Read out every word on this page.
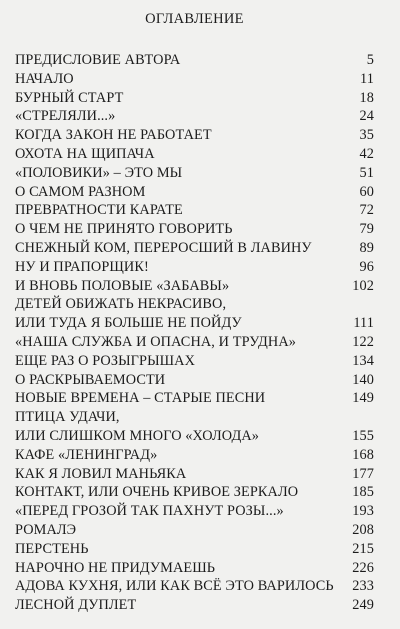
ОГЛАВЛЕНИЕ
ПРЕДИСЛОВИЕ АВТОРА	5
НАЧАЛО	11
БУРНЫЙ СТАРТ	18
«СТРЕЛЯЛИ...»	24
КОГДА ЗАКОН НЕ РАБОТАЕТ	35
ОХОТА НА ЩИПАЧА	42
«ПОЛОВИКИ» – ЭТО МЫ	51
О САМОМ РАЗНОМ	60
ПРЕВРАТНОСТИ КАРАТЕ	72
О ЧЕМ НЕ ПРИНЯТО ГОВОРИТЬ	79
СНЕЖНЫЙ КОМ, ПЕРЕРОСШИЙ В ЛАВИНУ	89
НУ И ПРАПОРЩИК!	96
И ВНОВЬ ПОЛОВЫЕ «ЗАБАВЫ»	102
ДЕТЕЙ ОБИЖАТЬ НЕКРАСИВО,
ИЛИ ТУДА Я БОЛЬШЕ НЕ ПОЙДУ	111
«НАША СЛУЖБА И ОПАСНА, И ТРУДНА»	122
ЕЩЕ РАЗ О РОЗЫГРЫШАХ	134
О РАСКРЫВАЕМОСТИ	140
НОВЫЕ ВРЕМЕНА – СТАРЫЕ ПЕСНИ	149
ПТИЦА УДАЧИ,
ИЛИ СЛИШКОМ МНОГО «ХОЛОДА»	155
КАФЕ «ЛЕНИНГРАД»	168
КАК Я ЛОВИЛ МАНЬЯКА	177
КОНТАКТ, ИЛИ ОЧЕНЬ КРИВОЕ ЗЕРКАЛО	185
«ПЕРЕД ГРОЗОЙ ТАК ПАХНУТ РОЗЫ...»	193
РОМАЛЭ	208
ПЕРСТЕНЬ	215
НАРОЧНО НЕ ПРИДУМАЕШЬ	226
АДОВА КУХНЯ, ИЛИ КАК ВСЁ ЭТО ВАРИЛОСЬ	233
ЛЕСНОЙ ДУПЛЕТ	249
